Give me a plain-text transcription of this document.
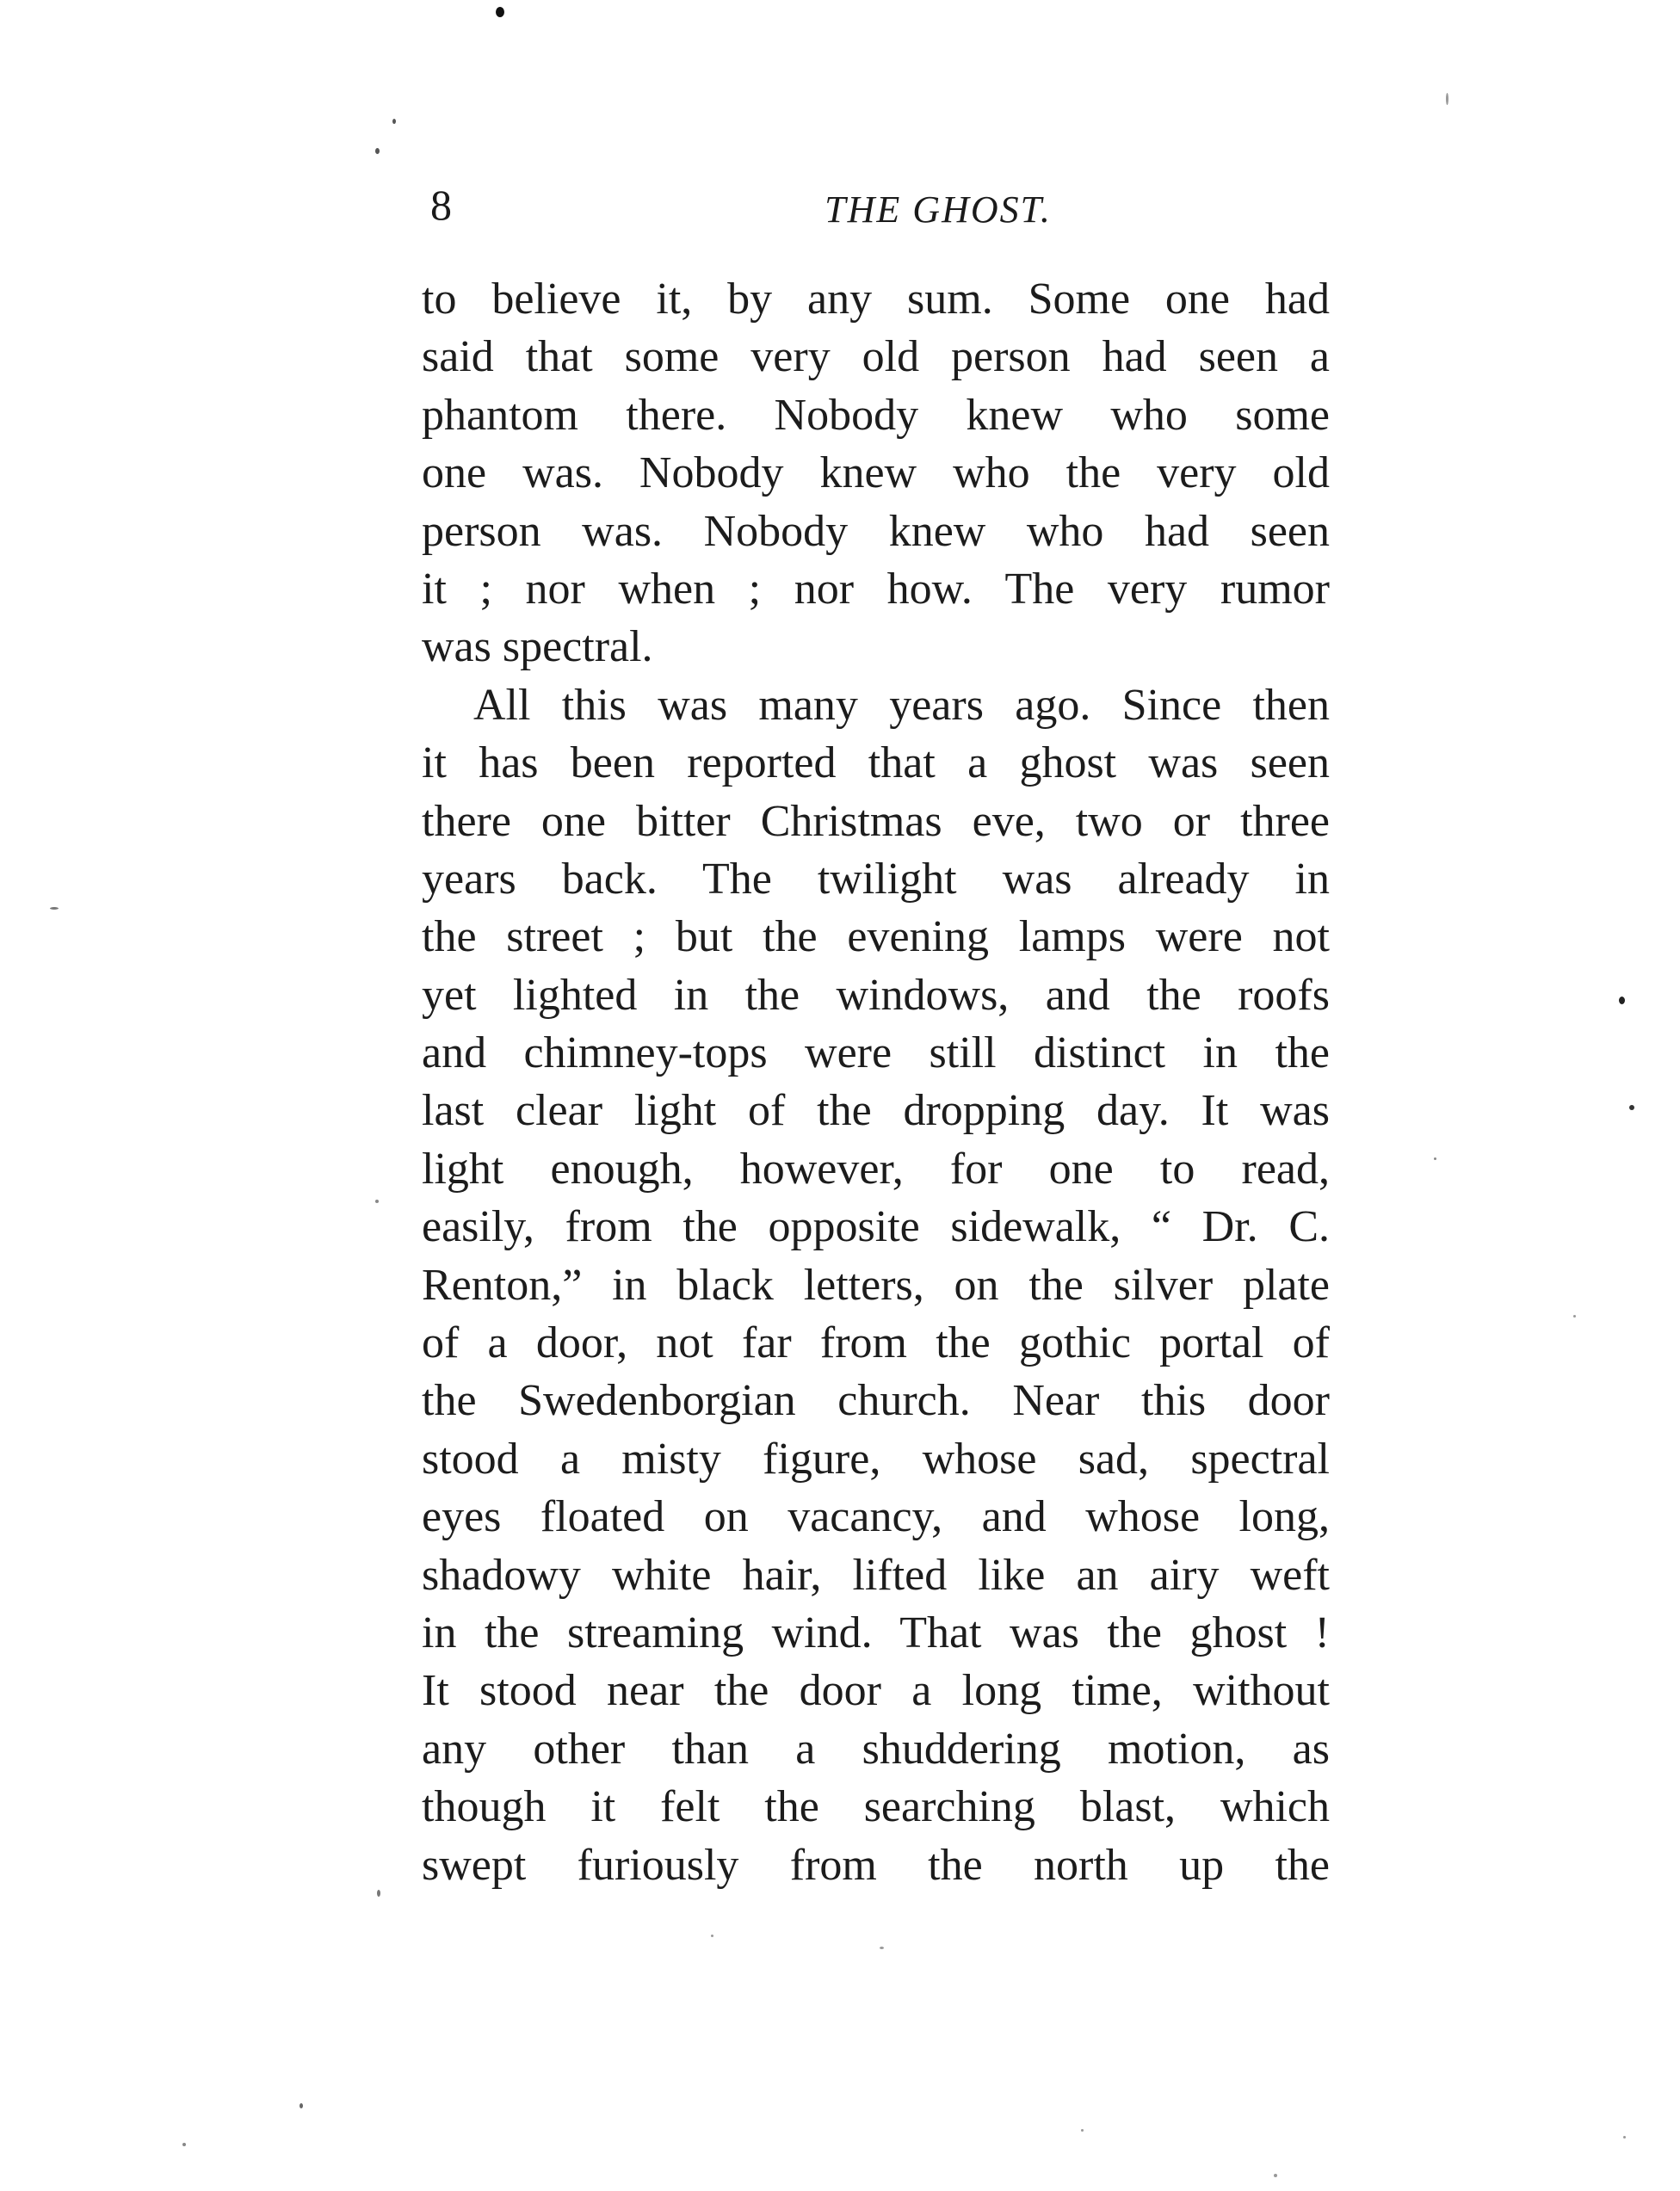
8	THE GHOST.
to believe it, by any sum. Some one had
said that some very old person had seen a
phantom there. Nobody knew who some
one was. Nobody knew who the very old
person was. Nobody knew who had seen
it ; nor when ; nor how. The very rumor
was spectral.
All this was many years ago. Since then
it has been reported that a ghost was seen
there one bitter Christmas eve, two or three
years back. The twilight was already in
the street ; but the evening lamps were not
yet lighted in the windows, and the roofs
and chimney-tops were still distinct in the
last clear light of the dropping day. It was
light enough, however, for one to read,
easily, from the opposite sidewalk, “ Dr. C.
Renton,” in black letters, on the silver plate
of a door, not far from the gothic portal of
the Swedenborgian church. Near this door
stood a misty figure, whose sad, spectral
eyes floated on vacancy, and whose long,
shadowy white hair, lifted like an airy weft
in the streaming wind. That was the ghost !
It stood near the door a long time, without
any other than a shuddering motion, as
though it felt the searching blast, which
swept furiously from the north up the
